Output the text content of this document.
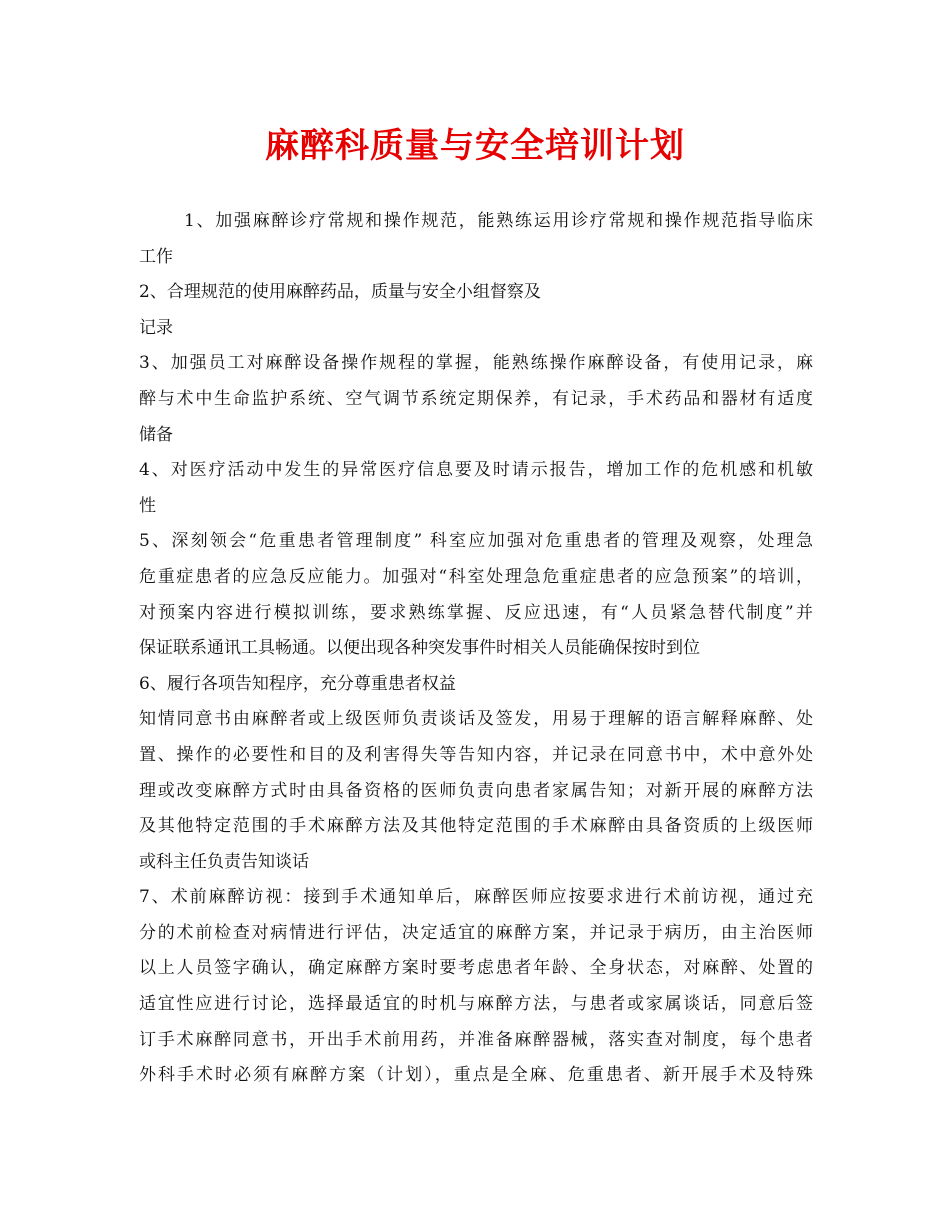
麻醉科质量与安全培训计划
1、加强麻醉诊疗常规和操作规范，能熟练运用诊疗常规和操作规范指导临床
工作
2、合理规范的使用麻醉药品，质量与安全小组督察及
记录
3、加强员工对麻醉设备操作规程的掌握，能熟练操作麻醉设备，有使用记录，麻
醉与术中生命监护系统、空气调节系统定期保养，有记录，手术药品和器材有适度
储备
4、对医疗活动中发生的异常医疗信息要及时请示报告，增加工作的危机感和机敏
性
5、深刻领会“危重患者管理制度” 科室应加强对危重患者的管理及观察，处理急
危重症患者的应急反应能力。加强对“科室处理急危重症患者的应急预案”的培训，
对预案内容进行模拟训练，要求熟练掌握、反应迅速，有“人员紧急替代制度”并
保证联系通讯工具畅通。以便出现各种突发事件时相关人员能确保按时到位
6、履行各项告知程序，充分尊重患者权益
知情同意书由麻醉者或上级医师负责谈话及签发，用易于理解的语言解释麻醉、处
置、操作的必要性和目的及利害得失等告知内容，并记录在同意书中，术中意外处
理或改变麻醉方式时由具备资格的医师负责向患者家属告知；对新开展的麻醉方法
及其他特定范围的手术麻醉方法及其他特定范围的手术麻醉由具备资质的上级医师
或科主任负责告知谈话
7、术前麻醉访视：接到手术通知单后，麻醉医师应按要求进行术前访视，通过充
分的术前检查对病情进行评估，决定适宜的麻醉方案，并记录于病历，由主治医师
以上人员签字确认，确定麻醉方案时要考虑患者年龄、全身状态，对麻醉、处置的
适宜性应进行讨论，选择最适宜的时机与麻醉方法，与患者或家属谈话，同意后签
订手术麻醉同意书，开出手术前用药，并准备麻醉器械，落实查对制度，每个患者
外科手术时必须有麻醉方案（计划），重点是全麻、危重患者、新开展手术及特殊
